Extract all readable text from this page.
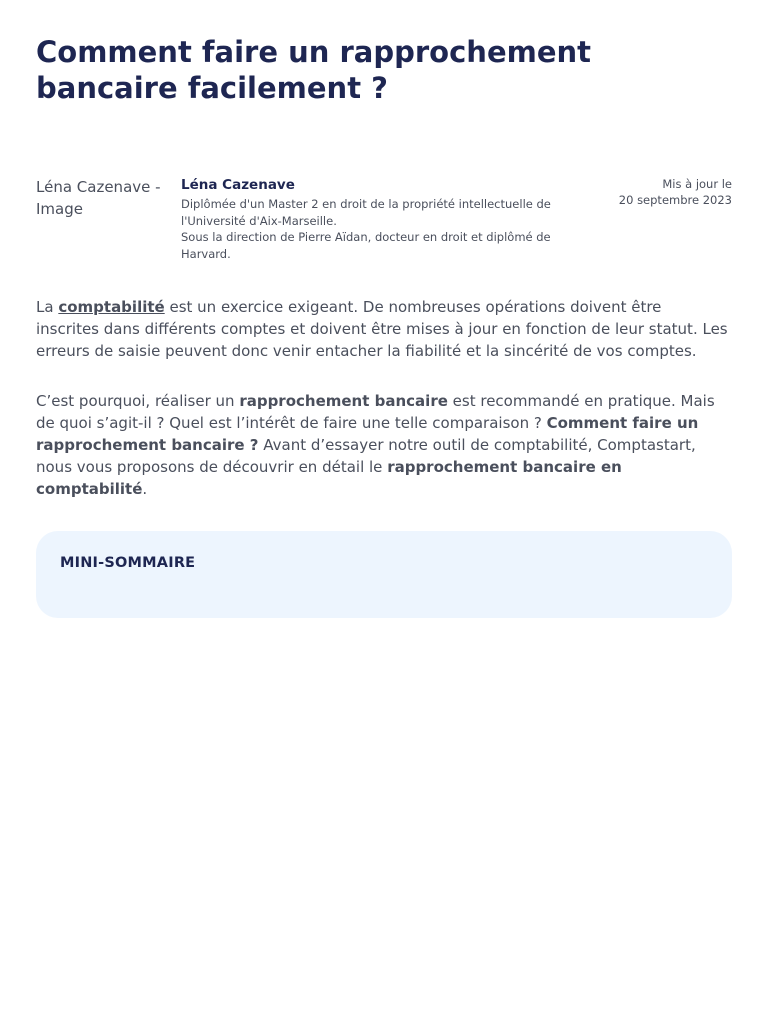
Comment faire un rapprochement bancaire facilement ?
Léna Cazenave - Image
Léna Cazenave
Diplômée d'un Master 2 en droit de la propriété intellectuelle de l'Université d'Aix-Marseille.
Sous la direction de Pierre Aïdan, docteur en droit et diplômé de Harvard.
Mis à jour le
20 septembre 2023

La comptabilité est un exercice exigeant. De nombreuses opérations doivent être inscrites dans différents comptes et doivent être mises à jour en fonction de leur statut. Les erreurs de saisie peuvent donc venir entacher la fiabilité et la sincérité de vos comptes.

C’est pourquoi, réaliser un rapprochement bancaire est recommandé en pratique. Mais de quoi s’agit-il ? Quel est l’intérêt de faire une telle comparaison ? Comment faire un rapprochement bancaire ? Avant d’essayer notre outil de comptabilité, Comptastart, nous vous proposons de découvrir en détail le rapprochement bancaire en comptabilité.

MINI-SOMMAIRE
